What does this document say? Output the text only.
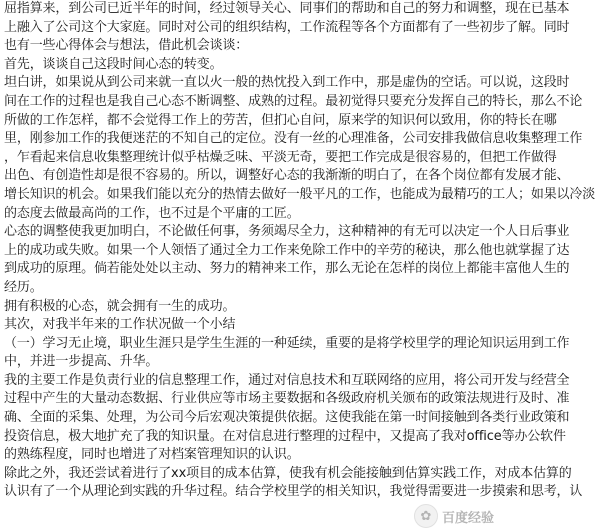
屈指算来，到公司已近半年的时间，经过领导关心、同事们的帮助和自己的努力和调整，现在已基本
上融入了公司这个大家庭。同时对公司的组织结构，工作流程等各个方面都有了一些初步了解。同时
也有一些心得体会与想法，借此机会谈谈：
首先，谈谈自己这段时间心态的转变。
坦白讲，如果说从到公司来就一直以火一般的热忱投入到工作中，那是虚伪的空话。可以说，这段时
间在工作的过程也是我自己心态不断调整、成熟的过程。最初觉得只要充分发挥自己的特长，那么不论
所做的工作怎样，都不会觉得工作上的劳苦，但扪心自问，原来学的知识何以致用，你的特长在哪
里，刚参加工作的我便迷茫的不知自己的定位。没有一丝的心理准备，公司安排我做信息收集整理工作
，乍看起来信息收集整理统计似乎枯燥乏味、平淡无奇，要把工作完成是很容易的，但把工作做得
出色、有创造性却是很不容易的。所以，调整好心态的我渐渐的明白了，在各个岗位都有发展才能、
增长知识的机会。如果我们能以充分的热情去做好一般平凡的工作，也能成为最精巧的工人；如果以冷淡
的态度去做最高尚的工作，也不过是个平庸的工匠。
心态的调整使我更加明白，不论做任何事，务须竭尽全力，这种精神的有无可以决定一个人日后事业
上的成功或失败。如果一个人领悟了通过全力工作来免除工作中的辛劳的秘诀，那么他也就掌握了达
到成功的原理。倘若能处处以主动、努力的精神来工作，那么无论在怎样的岗位上都能丰富他人生的
经历。
拥有积极的心态，就会拥有一生的成功。
其次，对我半年来的工作状况做一个小结
（一）学习无止境，职业生涯只是学生生涯的一种延续，重要的是将学校里学的理论知识运用到工作
中，并进一步提高、升华。
我的主要工作是负责行业的信息整理工作，通过对信息技术和互联网络的应用，将公司开发与经营全
过程中产生的大量动态数据、行业供应等市场主要数据和各级政府机关颁布的政策法规进行及时、准
确、全面的采集、处理，为公司今后宏观决策提供依据。这使我能在第一时间接触到各类行业政策和
投资信息，极大地扩充了我的知识量。在对信息进行整理的过程中，又提高了我对office等办公软件
的熟练程度，同时也增进了对档案管理知识的认识。
除此之外，我还尝试着进行了xx项目的成本估算，使我有机会能接触到估算实践工作，对成本估算的
认识有了一个从理论到实践的升华过程。结合学校里学的相关知识，我觉得需要进一步摸索和思考，认
✿ 百度经验
